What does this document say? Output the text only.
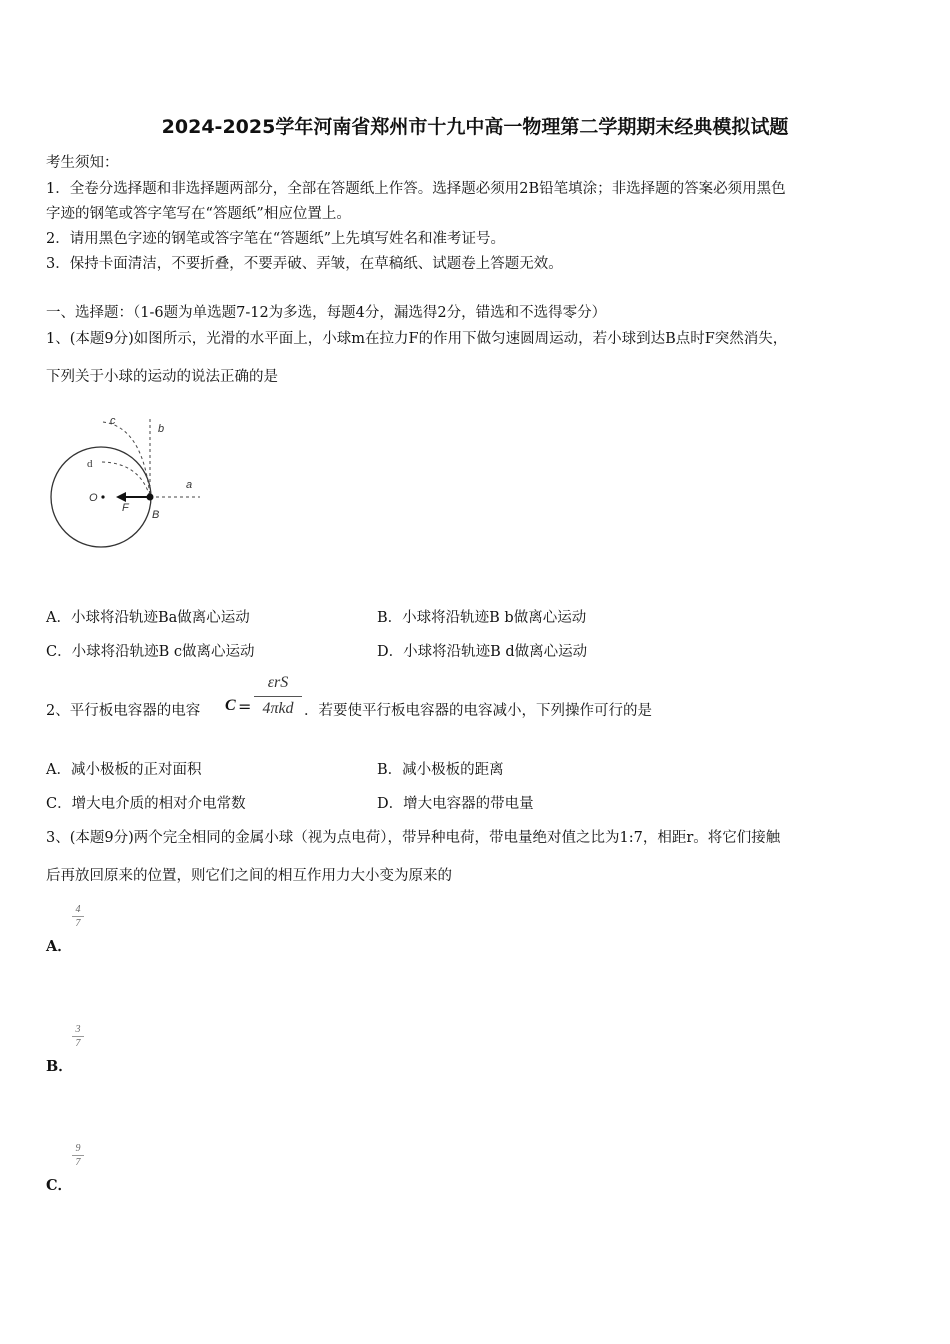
2024-2025学年河南省郑州市十九中高一物理第二学期期末经典模拟试题
考生须知：
1．全卷分选择题和非选择题两部分，全部在答题纸上作答。选择题必须用2B铅笔填涂；非选择题的答案必须用黑色
字迹的钢笔或答字笔写在“答题纸”相应位置上。
2．请用黑色字迹的钢笔或答字笔在“答题纸”上先填写姓名和准考证号。
3．保持卡面清洁，不要折叠，不要弄破、弄皱，在草稿纸、试题卷上答题无效。
一、选择题：（1-6题为单选题7-12为多选，每题4分，漏选得2分，错选和不选得零分）
1、(本题9分)如图所示，光滑的水平面上，小球m在拉力F的作用下做匀速圆周运动，若小球到达B点时F突然消失，
下列关于小球的运动的说法正确的是
c
b
d
O
F
B
a
A．小球将沿轨迹Ba做离心运动	B．小球将沿轨迹B b做离心运动
C．小球将沿轨迹B c做离心运动	D．小球将沿轨迹B d做离心运动
2、平行板电容器的电容 C =
εrS
4πkd ．若要使平行板电容器的电容减小，下列操作可行的是
A．减小极板的正对面积	B．减小极板的距离
C．增大电介质的相对介电常数	D．增大电容器的带电量
3、(本题9分)两个完全相同的金属小球（视为点电荷），带异种电荷，带电量绝对值之比为1:7，相距r。将它们接触
后再放回原来的位置，则它们之间的相互作用力大小变为原来的
4
7
A．
3
7
B．
9
7
C．
